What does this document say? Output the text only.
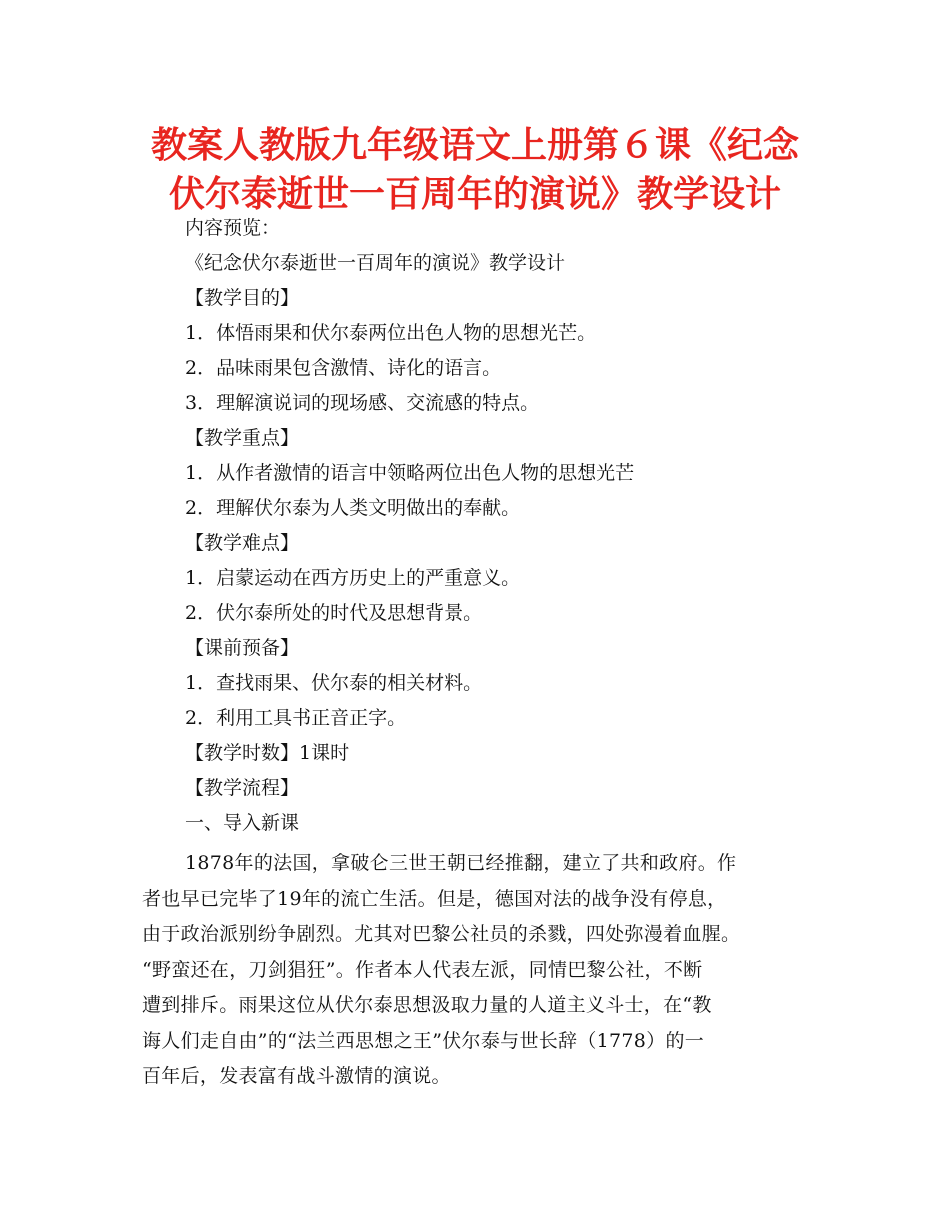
教案人教版九年级语文上册第６课《纪念
伏尔泰逝世一百周年的演说》教学设计
内容预览：
《纪念伏尔泰逝世一百周年的演说》教学设计
【教学目的】
1．体悟雨果和伏尔泰两位出色人物的思想光芒。
2．品味雨果包含激情、诗化的语言。
3．理解演说词的现场感、交流感的特点。
【教学重点】
1．从作者激情的语言中领略两位出色人物的思想光芒
2．理解伏尔泰为人类文明做出的奉献。
【教学难点】
1．启蒙运动在西方历史上的严重意义。
2．伏尔泰所处的时代及思想背景。
【课前预备】
1．查找雨果、伏尔泰的相关材料。
2．利用工具书正音正字。
【教学时数】1课时
【教学流程】
一、导入新课
1878年的法国，拿破仑三世王朝已经推翻，建立了共和政府。作
者也早已完毕了19年的流亡生活。但是，德国对法的战争没有停息，
由于政治派别纷争剧烈。尤其对巴黎公社员的杀戮，四处弥漫着血腥。
“野蛮还在，刀剑猖狂”。作者本人代表左派，同情巴黎公社，不断
遭到排斥。雨果这位从伏尔泰思想汲取力量的人道主义斗士，在“教
诲人们走自由”的“法兰西思想之王”伏尔泰与世长辞（1778）的一
百年后，发表富有战斗激情的演说。
